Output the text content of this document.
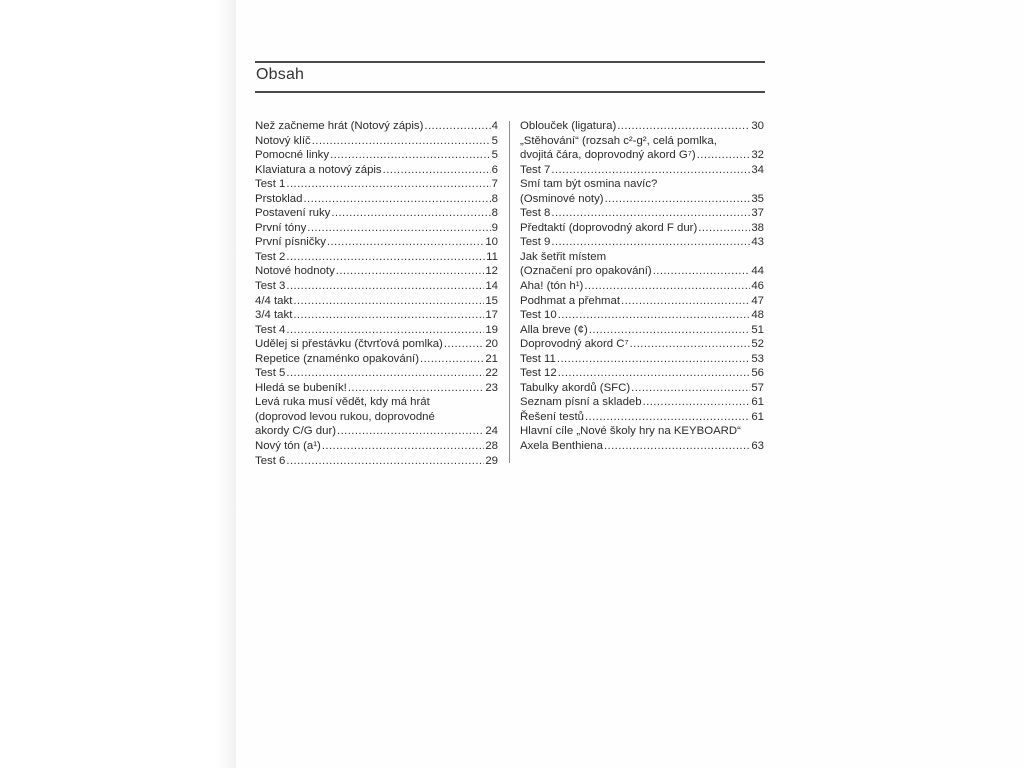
Obsah
Než začneme hrát (Notový zápis) .....	4
Notový klíč .....	5
Pomocné linky .....	5
Klaviatura a notový zápis .....	6
Test 1 .....	7
Prstoklad .....	8
Postavení ruky .....	8
První tóny .....	9
První písničky .....	10
Test 2 .....	11
Notové hodnoty .....	12
Test 3 .....	14
4/4 takt .....	15
3/4 takt .....	17
Test 4 .....	19
Udělej si přestávku (čtvrťová pomlka) .....	20
Repetice (znaménko opakování) .....	21
Test 5 .....	22
Hledá se bubeník! .....	23
Levá ruka musí vědět, kdy má hrát
(doprovod levou rukou, doprovodné
akordy C/G dur) .....	24
Nový tón (a¹) .....	28
Test 6 .....	29
Oblouček (ligatura) .....	30
„Stěhování“ (rozsah c²-g², celá pomlka,
dvojitá čára, doprovodný akord G⁷) .....	32
Test 7 .....	34
Smí tam být osmina navíc?
(Osminové noty) .....	35
Test 8 .....	37
Předtaktí (doprovodný akord F dur) .....	38
Test 9 .....	43
Jak šetřit místem
(Označení pro opakování) .....	44
Aha! (tón h¹) .....	46
Podhmat a přehmat .....	47
Test 10 .....	48
Alla breve (¢) .....	51
Doprovodný akord C⁷ .....	52
Test 11 .....	53
Test 12 .....	56
Tabulky akordů (SFC) .....	57
Seznam písní a skladeb .....	61
Řešení testů .....	61
Hlavní cíle „Nové školy hry na KEYBOARD“
Axela Benthiena .....	63
